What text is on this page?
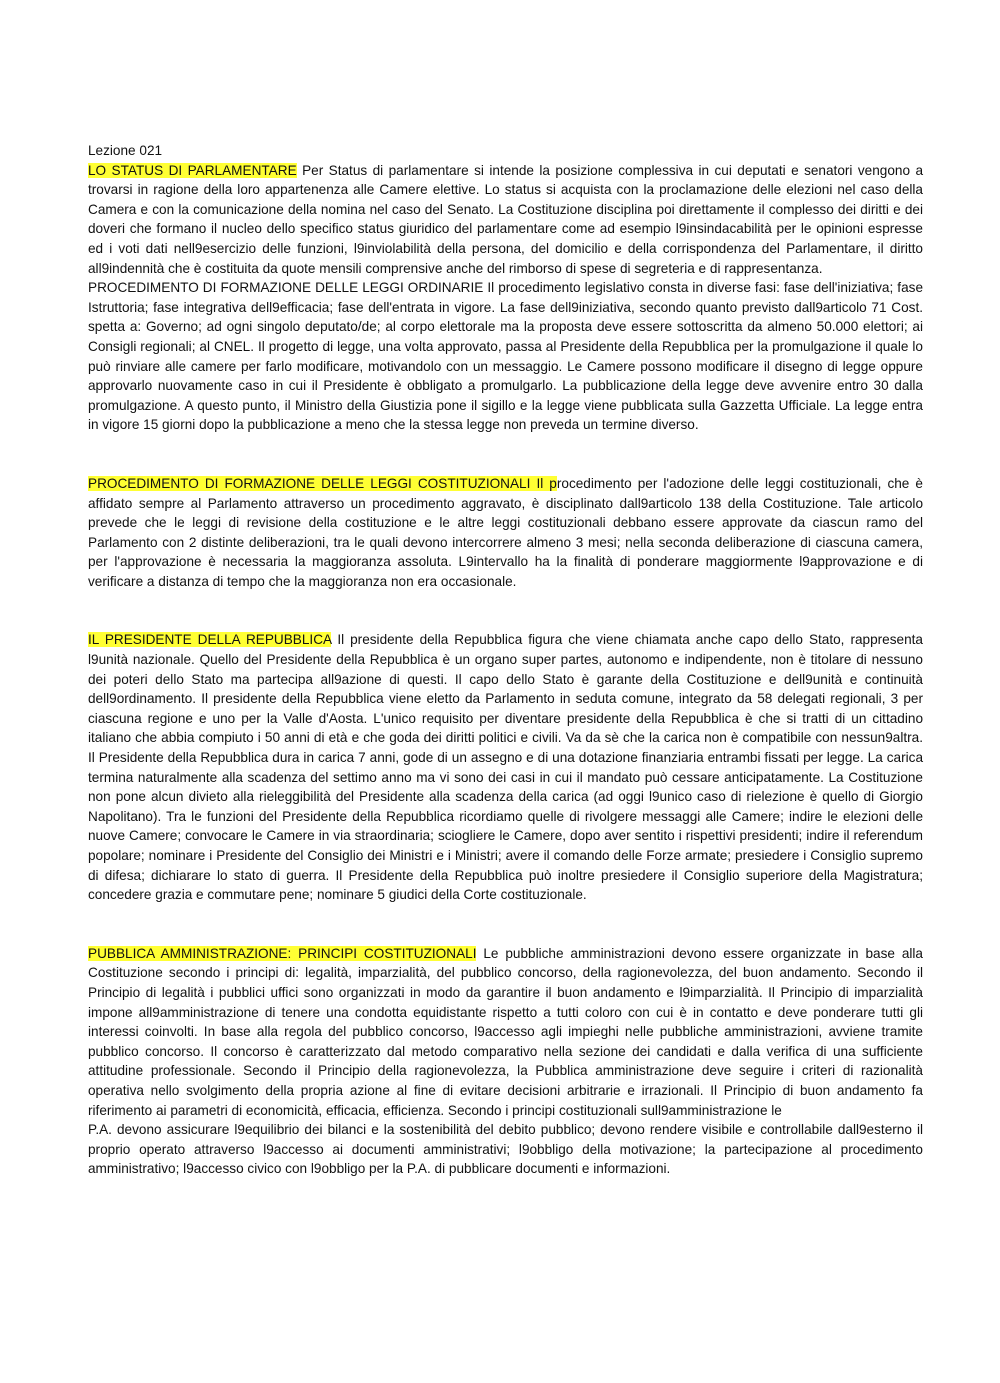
Lezione 021

LO STATUS DI PARLAMENTARE Per Status di parlamentare si intende la posizione complessiva in cui deputati e senatori vengono a trovarsi in ragione della loro appartenenza alle Camere elettive. Lo status si acquista con la proclamazione delle elezioni nel caso della Camera e con la comunicazione della nomina nel caso del Senato. La Costituzione disciplina poi direttamente il complesso dei diritti e dei doveri che formano il nucleo dello specifico status giuridico del parlamentare come ad esempio l9insindacabilità per le opinioni espresse ed i voti dati nell9esercizio delle funzioni, l9inviolabilità della persona, del domicilio e della corrispondenza del Parlamentare, il diritto all9indennità che è costituita da quote mensili comprensive anche del rimborso di spese di segreteria e di rappresentanza.

PROCEDIMENTO DI FORMAZIONE DELLE LEGGI ORDINARIE Il procedimento legislativo consta in diverse fasi: fase dell'iniziativa; fase Istruttoria; fase integrativa dell9efficacia; fase dell'entrata in vigore. La fase dell9iniziativa, secondo quanto previsto dall9articolo 71 Cost. spetta a: Governo; ad ogni singolo deputato/de; al corpo elettorale ma la proposta deve essere sottoscritta da almeno 50.000 elettori; ai Consigli regionali; al CNEL. Il progetto di legge, una volta approvato, passa al Presidente della Repubblica per la promulgazione il quale lo può rinviare alle camere per farlo modificare, motivandolo con un messaggio. Le Camere possono modificare il disegno di legge oppure approvarlo nuovamente caso in cui il Presidente è obbligato a promulgarlo. La pubblicazione della legge deve avvenire entro 30 dalla promulgazione. A questo punto, il Ministro della Giustizia pone il sigillo e la legge viene pubblicata sulla Gazzetta Ufficiale. La legge entra in vigore 15 giorni dopo la pubblicazione a meno che la stessa legge non preveda un termine diverso.

PROCEDIMENTO DI FORMAZIONE DELLE LEGGI COSTITUZIONALI Il procedimento per l'adozione delle leggi costituzionali, che è affidato sempre al Parlamento attraverso un procedimento aggravato, è disciplinato dall9articolo 138 della Costituzione. Tale articolo prevede che le leggi di revisione della costituzione e le altre leggi costituzionali debbano essere approvate da ciascun ramo del Parlamento con 2 distinte deliberazioni, tra le quali devono intercorrere almeno 3 mesi; nella seconda deliberazione di ciascuna camera, per l'approvazione è necessaria la maggioranza assoluta. L9intervallo ha la finalità di ponderare maggiormente l9approvazione e di verificare a distanza di tempo che la maggioranza non era occasionale.

IL PRESIDENTE DELLA REPUBBLICA Il presidente della Repubblica figura che viene chiamata anche capo dello Stato, rappresenta l9unità nazionale. Quello del Presidente della Repubblica è un organo super partes, autonomo e indipendente, non è titolare di nessuno dei poteri dello Stato ma partecipa all9azione di questi. Il capo dello Stato è garante della Costituzione e dell9unità e continuità dell9ordinamento. Il presidente della Repubblica viene eletto da Parlamento in seduta comune, integrato da 58 delegati regionali, 3 per ciascuna regione e uno per la Valle d'Aosta. L'unico requisito per diventare presidente della Repubblica è che si tratti di un cittadino italiano che abbia compiuto i 50 anni di età e che goda dei diritti politici e civili. Va da sè che la carica non è compatibile con nessun9altra. Il Presidente della Repubblica dura in carica 7 anni, gode di un assegno e di una dotazione finanziaria entrambi fissati per legge. La carica termina naturalmente alla scadenza del settimo anno ma vi sono dei casi in cui il mandato può cessare anticipatamente. La Costituzione non pone alcun divieto alla rieleggibilità del Presidente alla scadenza della carica (ad oggi l9unico caso di rielezione è quello di Giorgio Napolitano). Tra le funzioni del Presidente della Repubblica ricordiamo quelle di rivolgere messaggi alle Camere; indire le elezioni delle nuove Camere; convocare le Camere in via straordinaria; sciogliere le Camere, dopo aver sentito i rispettivi presidenti; indire il referendum popolare; nominare i Presidente del Consiglio dei Ministri e i Ministri; avere il comando delle Forze armate; presiedere i Consiglio supremo di difesa; dichiarare lo stato di guerra. Il Presidente della Repubblica può inoltre presiedere il Consiglio superiore della Magistratura; concedere grazia e commutare pene; nominare 5 giudici della Corte costituzionale.

PUBBLICA AMMINISTRAZIONE: PRINCIPI COSTITUZIONALI Le pubbliche amministrazioni devono essere organizzate in base alla Costituzione secondo i principi di: legalità, imparzialità, del pubblico concorso, della ragionevolezza, del buon andamento. Secondo il Principio di legalità i pubblici uffici sono organizzati in modo da garantire il buon andamento e l9imparzialità. Il Principio di imparzialità impone all9amministrazione di tenere una condotta equidistante rispetto a tutti coloro con cui è in contatto e deve ponderare tutti gli interessi coinvolti. In base alla regola del pubblico concorso, l9accesso agli impieghi nelle pubbliche amministrazioni, avviene tramite pubblico concorso. Il concorso è caratterizzato dal metodo comparativo nella sezione dei candidati e dalla verifica di una sufficiente attitudine professionale. Secondo il Principio della ragionevolezza, la Pubblica amministrazione deve seguire i criteri di razionalità operativa nello svolgimento della propria azione al fine di evitare decisioni arbitrarie e irrazionali. Il Principio di buon andamento fa riferimento ai parametri di economicità, efficacia, efficienza. Secondo i principi costituzionali sull9amministrazione le

P.A. devono assicurare l9equilibrio dei bilanci e la sostenibilità del debito pubblico; devono rendere visibile e controllabile dall9esterno il proprio operato attraverso l9accesso ai documenti amministrativi; l9obbligo della motivazione; la partecipazione al procedimento amministrativo; l9accesso civico con l9obbligo per la P.A. di pubblicare documenti e informazioni.
